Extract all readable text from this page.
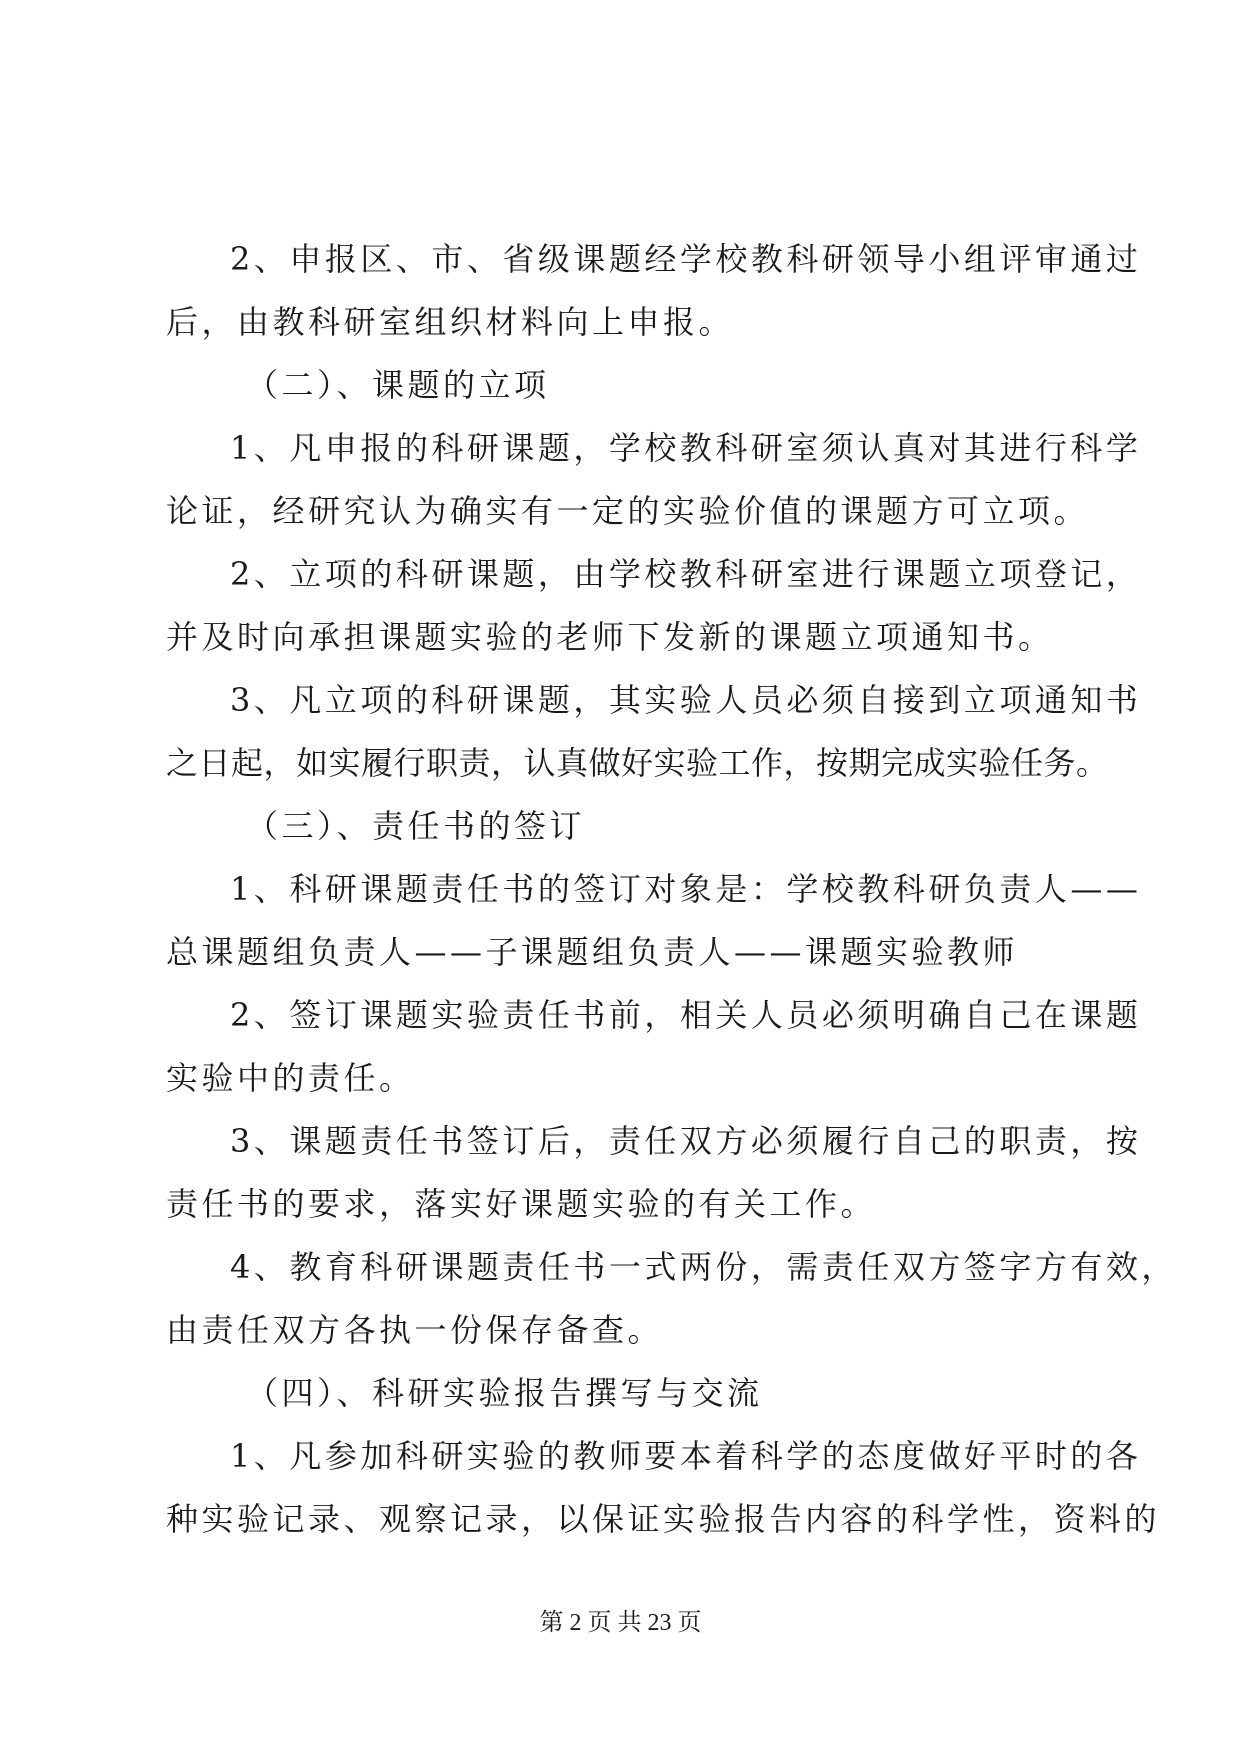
2、申报区、市、省级课题经学校教科研领导小组评审通过
后，由教科研室组织材料向上申报。
（二）、课题的立项
1、凡申报的科研课题，学校教科研室须认真对其进行科学
论证，经研究认为确实有一定的实验价值的课题方可立项。
2、立项的科研课题，由学校教科研室进行课题立项登记，
并及时向承担课题实验的老师下发新的课题立项通知书。
3、凡立项的科研课题，其实验人员必须自接到立项通知书
之日起，如实履行职责，认真做好实验工作，按期完成实验任务。
（三）、责任书的签订
1、科研课题责任书的签订对象是：学校教科研负责人——
总课题组负责人——子课题组负责人——课题实验教师
2、签订课题实验责任书前，相关人员必须明确自己在课题
实验中的责任。
3、课题责任书签订后，责任双方必须履行自己的职责，按
责任书的要求，落实好课题实验的有关工作。
4、教育科研课题责任书一式两份，需责任双方签字方有效，
由责任双方各执一份保存备查。
（四）、科研实验报告撰写与交流
1、凡参加科研实验的教师要本着科学的态度做好平时的各
种实验记录、观察记录，以保证实验报告内容的科学性，资料的
第 2 页 共 23 页
